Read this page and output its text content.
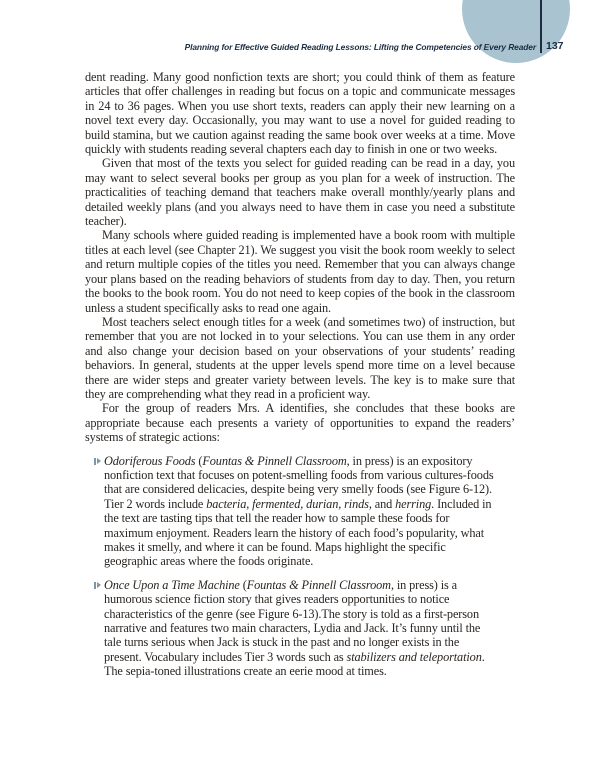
Planning for Effective Guided Reading Lessons: Lifting the Competencies of Every Reader 137

dent reading. Many good nonfiction texts are short; you could think of them as feature articles that offer challenges in reading but focus on a topic and communicate messages in 24 to 36 pages. When you use short texts, readers can apply their new learning on a novel text every day. Occasionally, you may want to use a novel for guided reading to build stamina, but we caution against reading the same book over weeks at a time. Move quickly with students reading several chapters each day to finish in one or two weeks.

Given that most of the texts you select for guided reading can be read in a day, you may want to select several books per group as you plan for a week of instruction. The practicalities of teaching demand that teachers make overall monthly/yearly plans and detailed weekly plans (and you always need to have them in case you need a substitute teacher).

Many schools where guided reading is implemented have a book room with multiple titles at each level (see Chapter 21). We suggest you visit the book room weekly to select and return multiple copies of the titles you need. Remember that you can always change your plans based on the reading behaviors of students from day to day. Then, you return the books to the book room. You do not need to keep copies of the book in the classroom unless a student specifically asks to read one again.

Most teachers select enough titles for a week (and sometimes two) of instruction, but remember that you are not locked in to your selections. You can use them in any order and also change your decision based on your observations of your students’ reading behaviors. In general, students at the upper levels spend more time on a level because there are wider steps and greater variety between levels. The key is to make sure that they are comprehending what they read in a proficient way.

For the group of readers Mrs. A identifies, she concludes that these books are appropriate because each presents a variety of opportunities to expand the readers’ systems of strategic actions:

Odoriferous Foods (Fountas & Pinnell Classroom, in press) is an expository nonfiction text that focuses on potent-smelling foods from various cultures-foods that are considered delicacies, despite being very smelly foods (see Figure 6-12). Tier 2 words include bacteria, fermented, durian, rinds, and herring. Included in the text are tasting tips that tell the reader how to sample these foods for maximum enjoyment. Readers learn the history of each food’s popularity, what makes it smelly, and where it can be found. Maps highlight the specific geographic areas where the foods originate.
Once Upon a Time Machine (Fountas & Pinnell Classroom, in press) is a humorous science fiction story that gives readers opportunities to notice characteristics of the genre (see Figure 6-13).The story is told as a first-person narrative and features two main characters, Lydia and Jack. It’s funny until the tale turns serious when Jack is stuck in the past and no longer exists in the present. Vocabulary includes Tier 3 words such as stabilizers and teleportation. The sepia-toned illustrations create an eerie mood at times.
